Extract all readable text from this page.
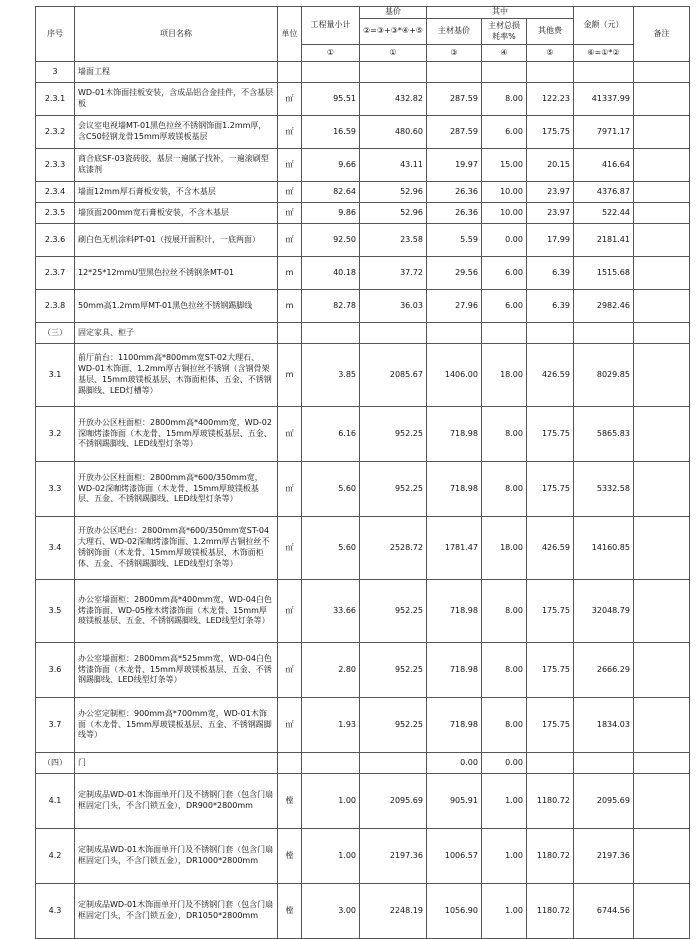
序号	项目名称	单位	工程量小计	基价	其中			金额（元）	备注
				②=③+③*④+⑤	主材基价	主材总损耗率%	其他费		
			①	①	③	④	⑤	⑥=①*②	
3	墙面工程								
2.3.1	WD-01木饰面挂板安装，含成品铝合金挂件，不含基层板	㎡	95.51	432.82	287.59	8.00	122.23	41337.99	
2.3.2	会议室电视墙MT-01黑色拉丝不锈钢饰面1.2mm厚，含C50轻钢龙骨15mm厚玻镁板基层	㎡	16.59	480.60	287.59	6.00	175.75	7971.17	
2.3.3	商合底SF-03瓷砖胶，基层一遍腻子找补，一遍滚刷型底漆剂	㎡	9.66	43.11	19.97	15.00	20.15	416.64	
2.3.4	墙面12mm厚石膏板安装，不含木基层	㎡	82.64	52.96	26.36	10.00	23.97	4376.87	
2.3.5	墙顶面200mm宽石膏板安装，不含木基层	㎡	9.86	52.96	26.36	10.00	23.97	522.44	
2.3.6	刷白色无机涂料PT-01（按展开面积计，一底两面）	㎡	92.50	23.58	5.59	0.00	17.99	2181.41	
2.3.7	12*25*12mmU型黑色拉丝不锈钢条MT-01	m	40.18	37.72	29.56	6.00	6.39	1515.68	
2.3.8	50mm高1.2mm厚MT-01黑色拉丝不锈钢踢脚线	m	82.78	36.03	27.96	6.00	6.39	2982.46	
（三）	固定家具、柜子								
3.1	前厅前台：1100mm高*800mm宽ST-02大理石、WD-01木饰面、1.2mm厚古铜拉丝不锈钢（含钢骨架基层、15mm玻镁板基层、木饰面柜体、五金、不锈钢踢脚线、LED灯槽等）	m	3.85	2085.67	1406.00	18.00	426.59	8029.85	
3.2	开放办公区柱面柜：2800mm高*400mm宽，WD-02深咖烤漆饰面（木龙骨、15mm厚玻镁板基层、五金、不锈钢踢脚线、LED线型灯条等）	㎡	6.16	952.25	718.98	8.00	175.75	5865.83	
3.3	开放办公区柱面柜：2800mm高*600/350mm宽，WD-02深咖烤漆饰面（木龙骨、15mm厚玻镁板基层、五金、不锈钢踢脚线、LED线型灯条等）	㎡	5.60	952.25	718.98	8.00	175.75	5332.58	
3.4	开放办公区吧台：2800mm高*600/350mm宽ST-04大理石、WD-02深咖烤漆饰面、1.2mm厚古铜拉丝不锈钢饰面（木龙骨、15mm厚玻镁板基层、木饰面柜体、五金、不锈钢踢脚线、LED线型灯条等）	㎡	5.60	2528.72	1781.47	18.00	426.59	14160.85	
3.5	办公室墙面柜：2800mm高*400mm宽，WD-04白色烤漆饰面、WD-05橡木烤漆饰面（木龙骨、15mm厚玻镁板基层、五金、不锈钢踢脚线、LED线型灯条等）	㎡	33.66	952.25	718.98	8.00	175.75	32048.79	
3.6	办公室墙面柜：2800mm高*525mm宽，WD-04白色烤漆饰面（木龙骨、15mm厚玻镁板基层、五金、不锈钢踢脚线、LED线型灯条等）	㎡	2.80	952.25	718.98	8.00	175.75	2666.29	
3.7	办公室定制柜：900mm高*700mm宽，WD-01木饰面（木龙骨、15mm厚玻镁板基层、五金、不锈钢踢脚线等）	㎡	1.93	952.25	718.98	8.00	175.75	1834.03	
（四）	门				0.00	0.00			
4.1	定制成品WD-01木饰面单开门及不锈钢门套（包含门扇框固定门头，不含门锁五金），DR900*2800mm	樘	1.00	2095.69	905.91	1.00	1180.72	2095.69	
4.2	定制成品WD-01木饰面单开门及不锈钢门套（包含门扇框固定门头，不含门锁五金），DR1000*2800mm	樘	1.00	2197.36	1006.57	1.00	1180.72	2197.36	
4.3	定制成品WD-01木饰面单开门及不锈钢门套（包含门扇框固定门头，不含门锁五金），DR1050*2800mm	樘	3.00	2248.19	1056.90	1.00	1180.72	6744.56	
